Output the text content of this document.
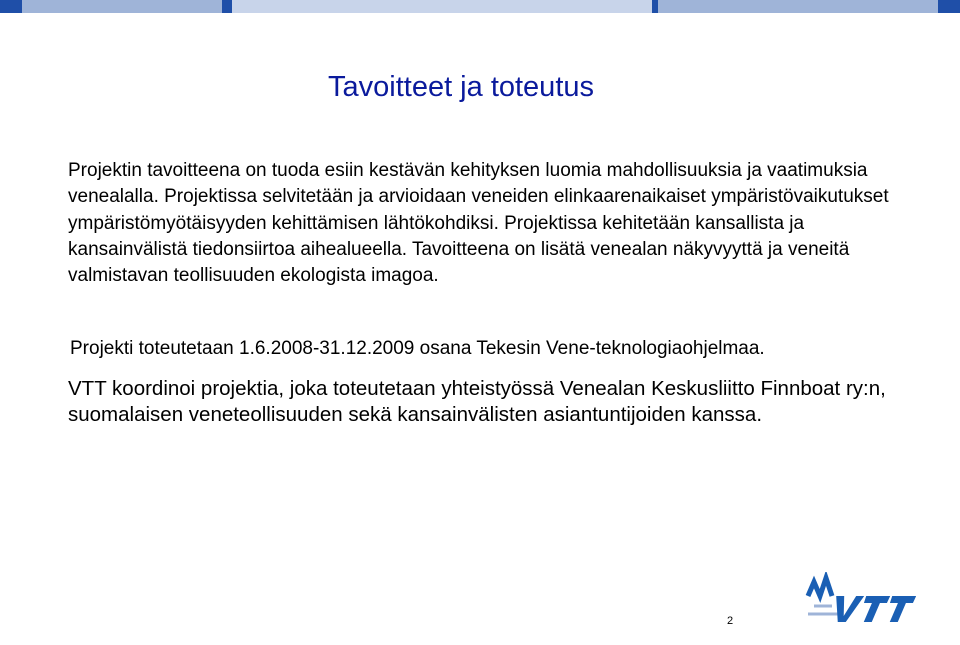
Tavoitteet ja toteutus

Projektin tavoitteena on tuoda esiin kestävän kehityksen luomia mahdollisuuksia ja vaatimuksia venealalla. Projektissa selvitetään ja arvioidaan veneiden elinkaarenaikaiset ympäristövaikutukset ympäristömyötäisyyden kehittämisen lähtökohdiksi. Projektissa kehitetään kansallista ja kansainvälistä tiedonsiirtoa aihealueella. Tavoitteena on lisätä venealan näkyvyyttä ja veneitä valmistavan teollisuuden ekologista imagoa.

Projekti toteutetaan 1.6.2008-31.12.2009 osana Tekesin Vene-teknologiaohjelmaa.

VTT koordinoi projektia, joka toteutetaan yhteistyössä Venealan Keskusliitto Finnboat ry:n, suomalaisen veneteollisuuden sekä kansainvälisten asiantuntijoiden kanssa.

2
